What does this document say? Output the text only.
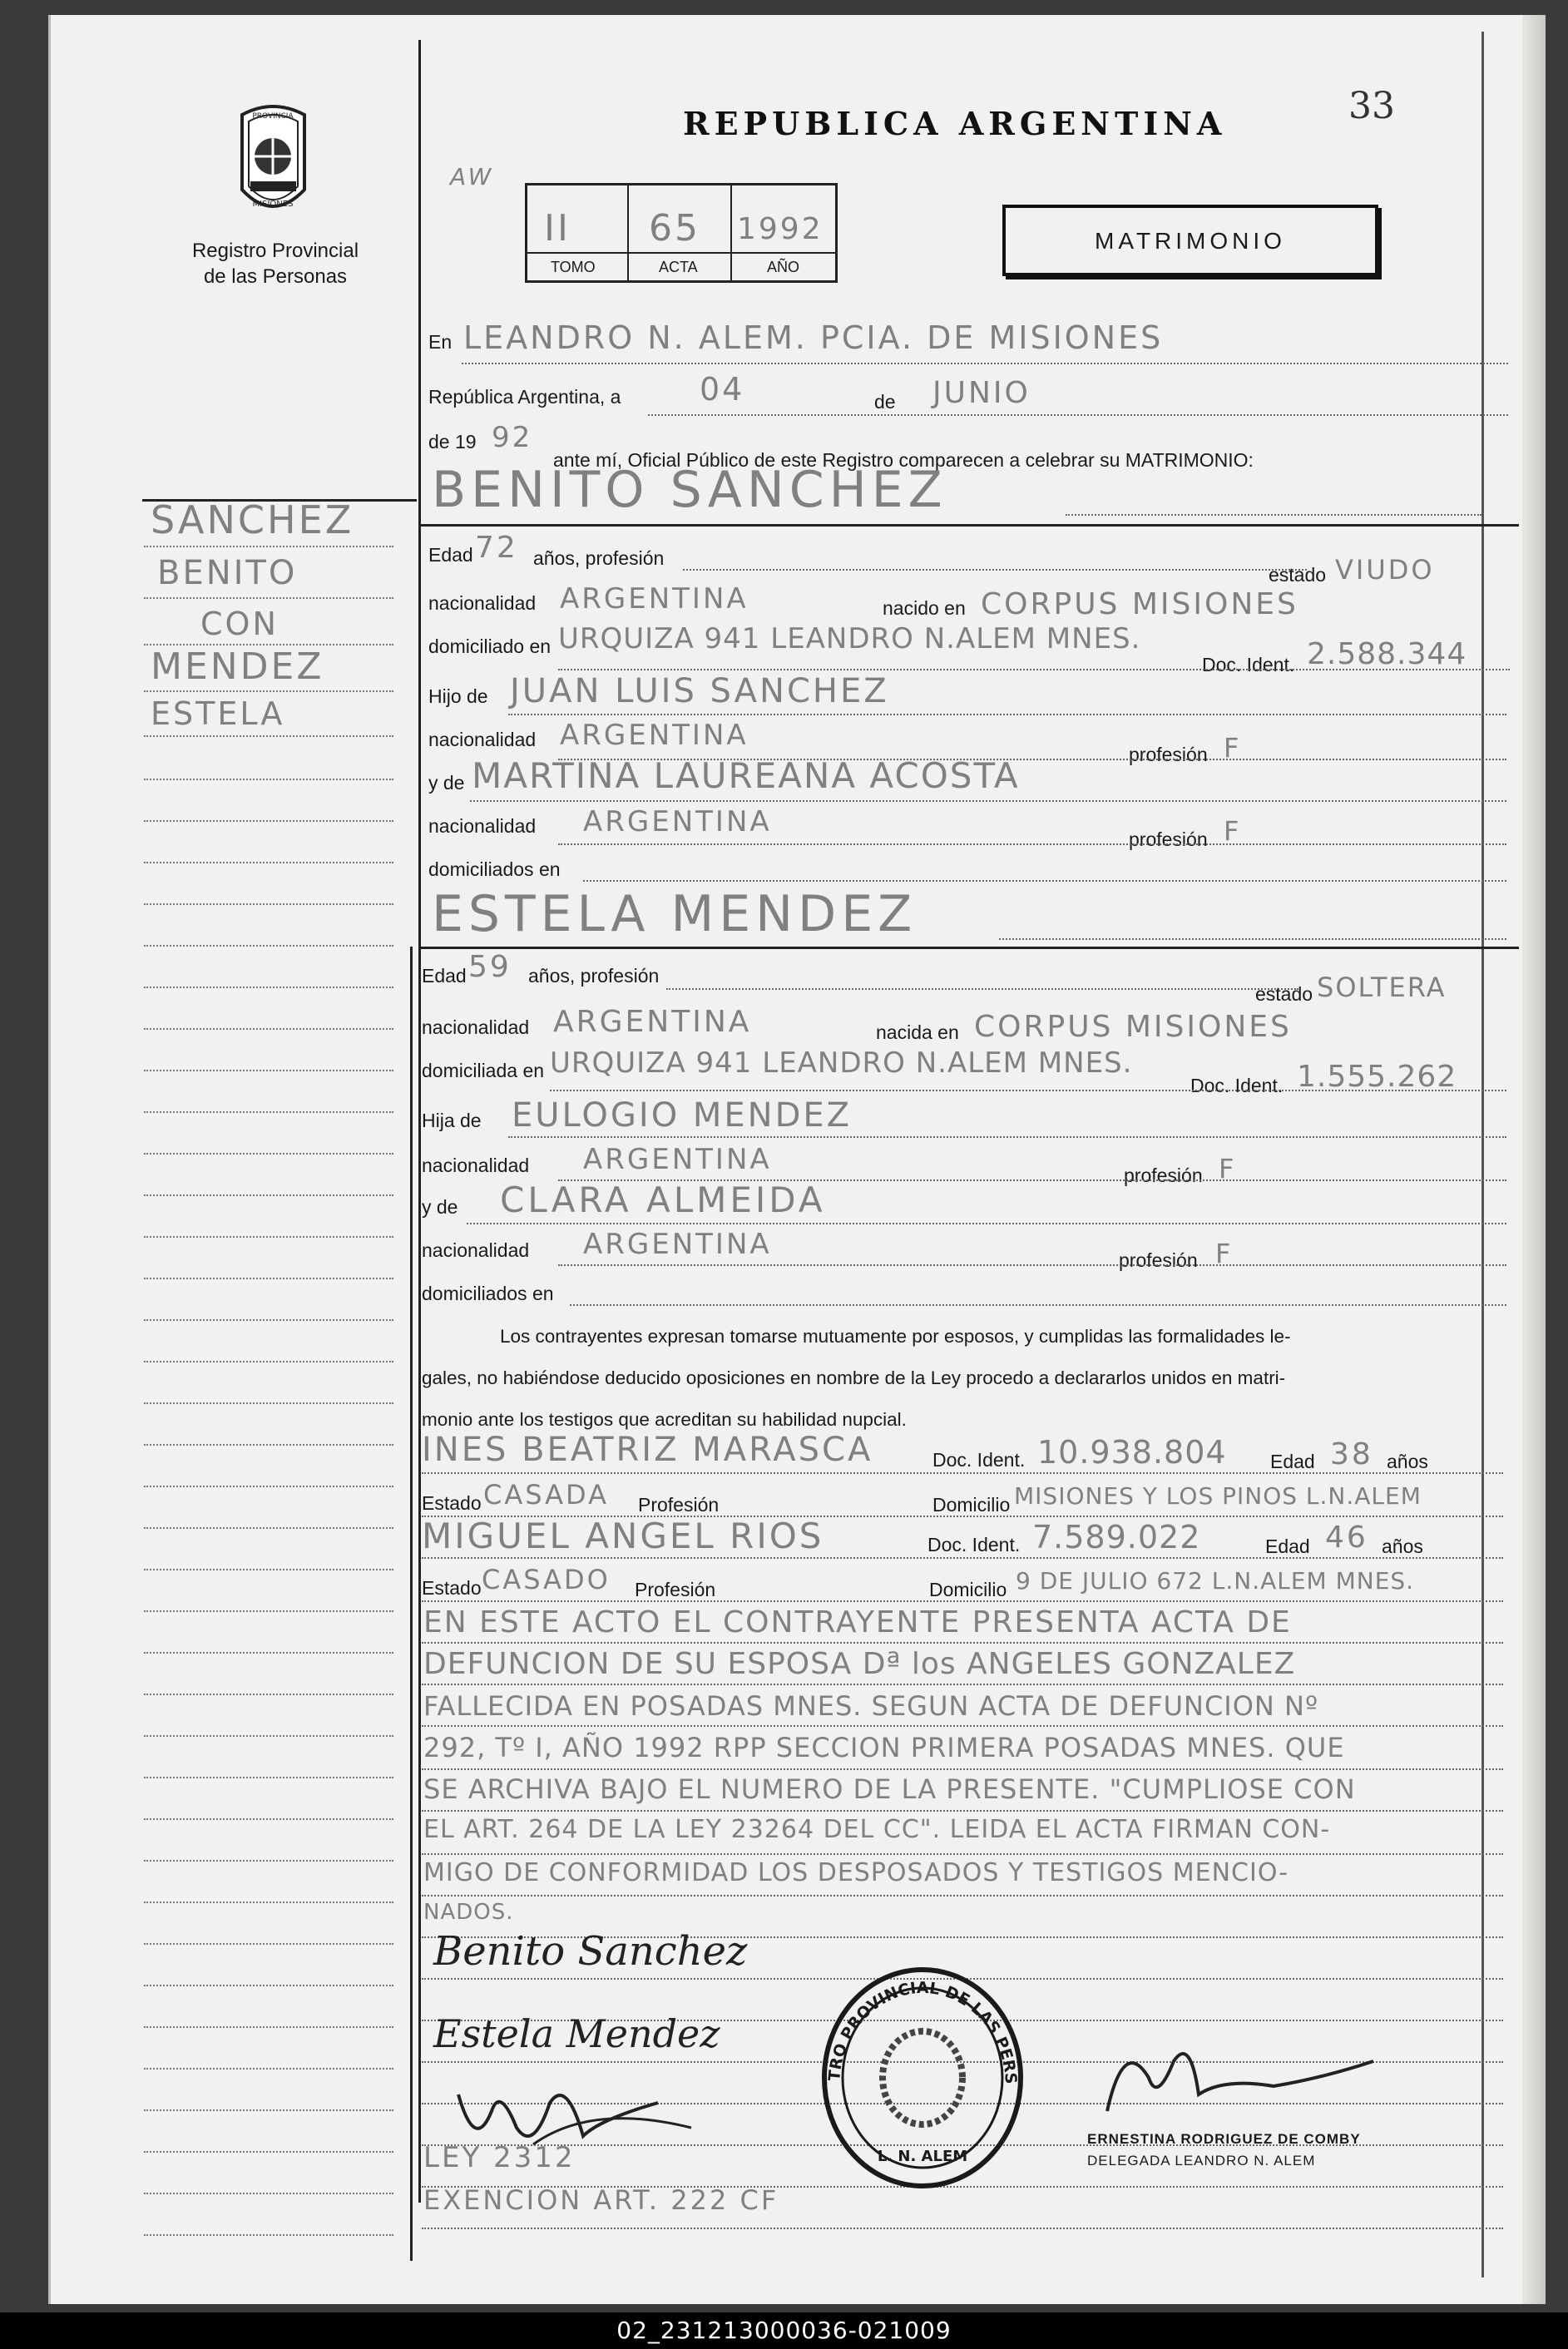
PROVINCIA
MISIONES
Registro Provincial
de las Personas
REPUBLICA ARGENTINA	33
AW
II
TOMO
65
ACTA
1992
AÑO
MATRIMONIO
En LEANDRO N. ALEM. PCIA. DE MISIONES
República Argentina, a 04	de JUNIO
de 19 92
ante mí, Oficial Público de este Registro comparecen a celebrar su MATRIMONIO:
BENITO SANCHEZ
SANCHEZ
BENITO
CON
MENDEZ
ESTELA
Edad 72 años, profesión
estado VIUDO
nacionalidad ARGENTINA	nacido en CORPUS MISIONES
domiciliado en URQUIZA 941 LEANDRO N.ALEM MNES.
Doc. Ident. 2.588.344
Hijo de JUAN LUIS SANCHEZ
nacionalidad ARGENTINA
profesión F
y de MARTINA LAUREANA ACOSTA
nacionalidad ARGENTINA
profesión F
domiciliados en
ESTELA MENDEZ
Edad 59 años, profesión
estado SOLTERA
nacionalidad ARGENTINA	nacida en CORPUS MISIONES
domiciliada en URQUIZA 941 LEANDRO N.ALEM MNES.
Doc. Ident. 1.555.262
Hija de EULOGIO MENDEZ
nacionalidad ARGENTINA	profesión F
y de CLARA ALMEIDA
nacionalidad ARGENTINA	profesión F
domiciliados en
Los contrayentes expresan tomarse mutuamente por esposos, y cumplidas las formalidades le-
gales, no habiéndose deducido oposiciones en nombre de la Ley procedo a declararlos unidos en matri-
monio ante los testigos que acreditan su habilidad nupcial.
INES BEATRIZ MARASCA	Doc. Ident. 10.938.804 Edad 38 años
Estado CASADA Profesión	Domicilio MISIONES Y LOS PINOS L.N.ALEM
MIGUEL ANGEL RIOS	Doc. Ident. 7.589.022	Edad 46 años
Estado CASADO Profesión	Domicilio 9 DE JULIO 672 L.N.ALEM MNES.
EN ESTE ACTO EL CONTRAYENTE PRESENTA ACTA DE
DEFUNCION DE SU ESPOSA Dª los ANGELES GONZALEZ
FALLECIDA EN POSADAS MNES. SEGUN ACTA DE DEFUNCION Nº
292, Tº I, AÑO 1992 RPP SECCION PRIMERA POSADAS MNES. QUE
SE ARCHIVA BAJO EL NUMERO DE LA PRESENTE. "CUMPLIOSE CON
EL ART. 264 DE LA LEY 23264 DEL CC". LEIDA EL ACTA FIRMAN CON-
MIGO DE CONFORMIDAD LOS DESPOSADOS Y TESTIGOS MENCIO-
NADOS.
Benito Sanchez
Estela Mendez
LEY 2312
EXENCION ART. 222 CF
TRO PROVINCIAL DE LAS PERS
L. N. ALEM
ERNESTINA RODRIGUEZ DE COMBY
DELEGADA LEANDRO N. ALEM
02_231213000036-021009
